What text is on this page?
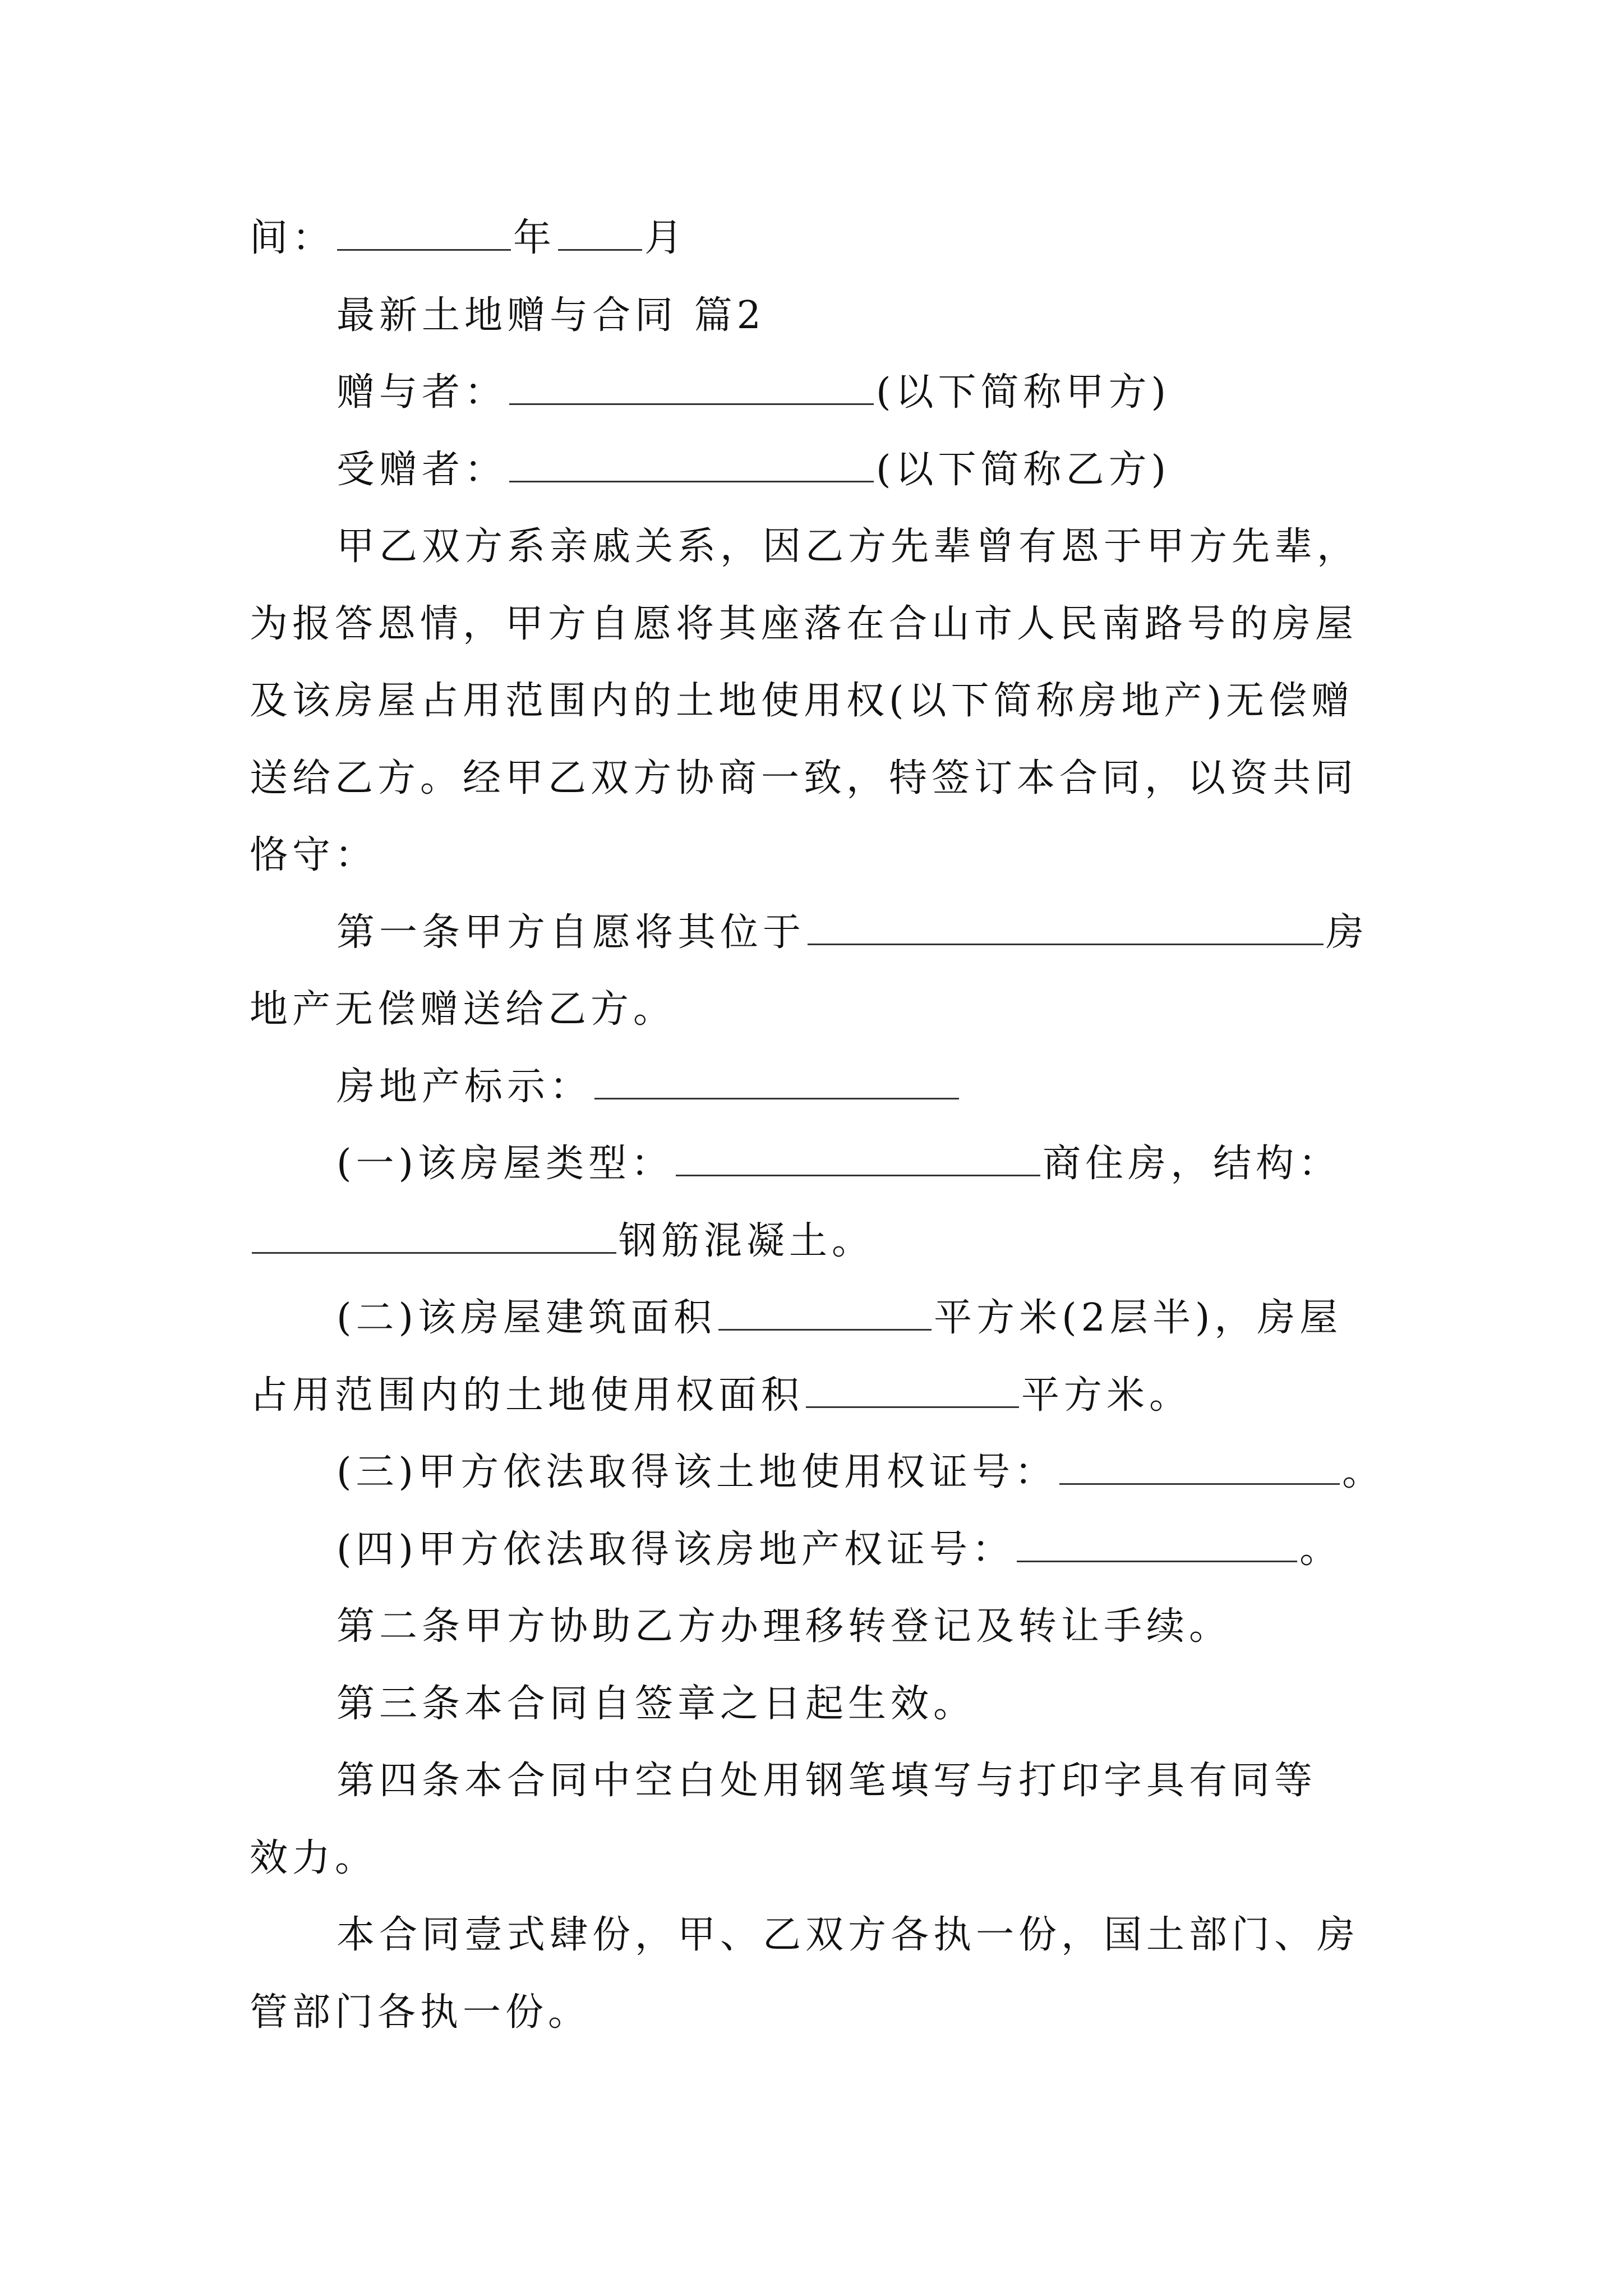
间：	年 月
最新土地赠与合同 篇2
赠与者：	(以下简称甲方)
受赠者：	(以下简称乙方)
甲乙双方系亲戚关系，因乙方先辈曾有恩于甲方先辈，
为报答恩情，甲方自愿将其座落在合山市人民南路号的房屋
及该房屋占用范围内的土地使用权(以下简称房地产)无偿赠
送给乙方。经甲乙双方协商一致，特签订本合同，以资共同
恪守：
第一条甲方自愿将其位于	房
地产无偿赠送给乙方。
房地产标示：
(一)该房屋类型：	商住房，结构：
钢筋混凝土。
(二)该房屋建筑面积	平方米(2层半)，房屋
占用范围内的土地使用权面积	平方米。
(三)甲方依法取得该土地使用权证号：	。
(四)甲方依法取得该房地产权证号：	。
第二条甲方协助乙方办理移转登记及转让手续。
第三条本合同自签章之日起生效。
第四条本合同中空白处用钢笔填写与打印字具有同等
效力。
本合同壹式肆份，甲、乙双方各执一份，国土部门、房
管部门各执一份。
